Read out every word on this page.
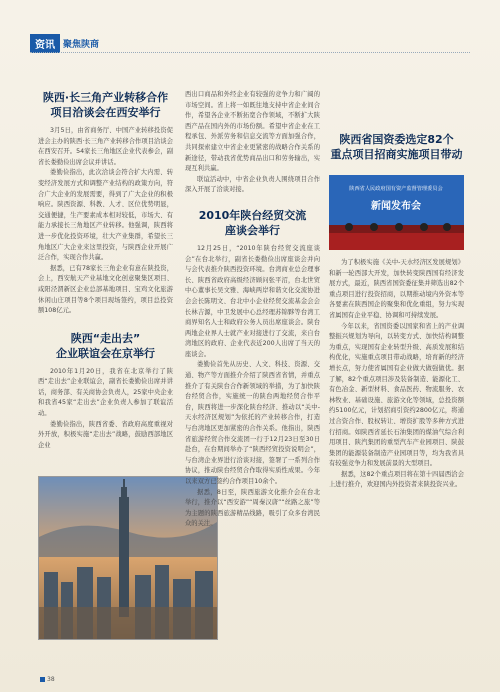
资讯 聚焦陕商
陕西·长三角产业转移合作
项目洽谈会在西安举行

3月5日，由省商务厅、中国产业转移投资促进会主办的陕西·长三角产业转移合作项目洽谈会在西安召开。54家长三角地区企业代表参会，副省长娄勤俭出席会议并讲话。

娄勤俭指出，此次洽谈会符合扩大内需、转变经济发展方式和调整产业结构的政策方向，符合广大企业的发展需要，得到了广大企业的积极响应。陕西资源、科教、人才、区位优势明显，交通便捷，生产要素成本相对较低，市场大、有能力承接长三角地区产业转移。他强调，陕西将进一步优化投资环境，壮大产业集群，希望长三角地区广大企业来这里投资，与陕西企业开展广泛合作，实现合作共赢。

据悉，已有78家长三角企业有意在陕投资，会上，西安航天产业基地文化创意聚集区项目、咸阳泾渭新区企业总部基地项目、宝鸡文化旅游休闲山庄项目等8个项目现场签约，项目总投资额108亿元。

陕西“走出去”
企业联谊会在京举行

2010年1月20日，我省在北京举行了陕西“走出去”企业联谊会，副省长娄勤俭出席并讲话，商务部、有关商协会负责人，25家中央企业和我省45家“走出去”企业负责人参加了联谊活动。

娄勤俭指出，陕西省委、省政府高度重视对外开放，积极实施“走出去”战略，鼓励西部地区企业

西出口商品和外经企业有较强的竞争力和广阔的市场空间。省上将一如既往地支持中省企业间合作，希望各企业不断拓宽合作领域，不断扩大陕西产品在国内外的市场份额。希望中省企业在工程承包、外派劳务和信息交流等方面加强合作，共同探索建立中省企业更紧密的战略合作关系的新途径，带动我省优势商品出口和劳务输出，实现互利共赢。

联谊活动中，中省企业负责人围绕项目合作深入开展了洽谈对接。

2010年陕台经贸交流
座谈会举行

12月25日，“2010年陕台经贸交流座谈会”在台北举行，副省长娄勤俭出席座谈会并向与会代表推介陕西投资环境。台湾商业总会理事长、陕西省政府高级经济顾问张平沼，台北世贸中心董事长吴文雅、海峡两岸和谐文化交流协进会会长陈明文、台北中小企业经贸交流基金会会长林吉源，中卫发展中心总经理苏锦夥等台湾工商界知名人士和政府公务人员出席座谈会。陕台两地企业界人士就产业对接进行了交流，来自台湾地区的政府、企业代表近200人出席了当天的座谈会。

娄勤俭首先从历史、人文、科技、资源、交通、物产等方面推介介绍了陕西省省情，并重点推介了有关陕台合作新领域的举措，为了加快陕台经贸合作，实施统一的陕台两地经贸合作平台，陕西将进一步深化陕台经济、推动以“关中-天水经济区规划”为依托的产业转移合作，打造与台湾地区更加紧密的合作关系。他指出，陕西省旅游经贸合作交流团一行于12月23日至30日赴台，在台期间举办了“陕西经贸投资说明会”，与台湾企业界进行洽谈对接，签署了一系列合作协议，推动陕台经贸合作取得实质性成果。今年以来双方已签约合作项目10余个。

据悉，8日至，陕西旅游文化推介会在台北举行，推介以“西安游”“周秦汉唐”“丝路之旅”等为主题的陕西旅游精品线路，吸引了众多台湾民众的关注。

陕西省国资委选定82个
重点项目招商实施项目带动

为了积极实施《关中-天水经济区发展规划》和新一轮西部大开发，加快转变陕西国有经济发展方式，最近，陕西省国资委征集并筛选出82个重点项目进行投资招商，以期推动境内外资本等各要素在陕西国企的聚集和优化重组，努力实现省属国有企业平稳、协调和可持续发展。

今年以来，省国资委以国家和省上的产业调整振兴规划为导向，以转变方式、加快结构调整为重点，实现国有企业转型升级、高质发展和结构优化，实施重点项目带动战略，培育新的经济增长点，努力使省属国有企业做大做强做优。据了解，82个重点项目涉及装备制造、能源化工、有色冶金、新型材料、食品医药、物流服务、农林牧业、基础设施、旅游文化等领域，总投资额约5100亿元，计划招商引资约2800亿元，将通过合资合作、股权转让、增资扩股等多种方式进行招商。如陕西省延长石油集团的煤油气综合利用项目、陕汽集团的重型汽车产业园项目、陕鼓集团的能源装备制造产业园项目等，均为我省具有较强竞争力和发展前景的大型项目。

据悉，这82个重点项目将在第十四届西洽会上进行推介，欢迎国内外投资者来陕投资兴业。

陕西省人民政府国有资产监督管理委员会
新闻发布会
38
